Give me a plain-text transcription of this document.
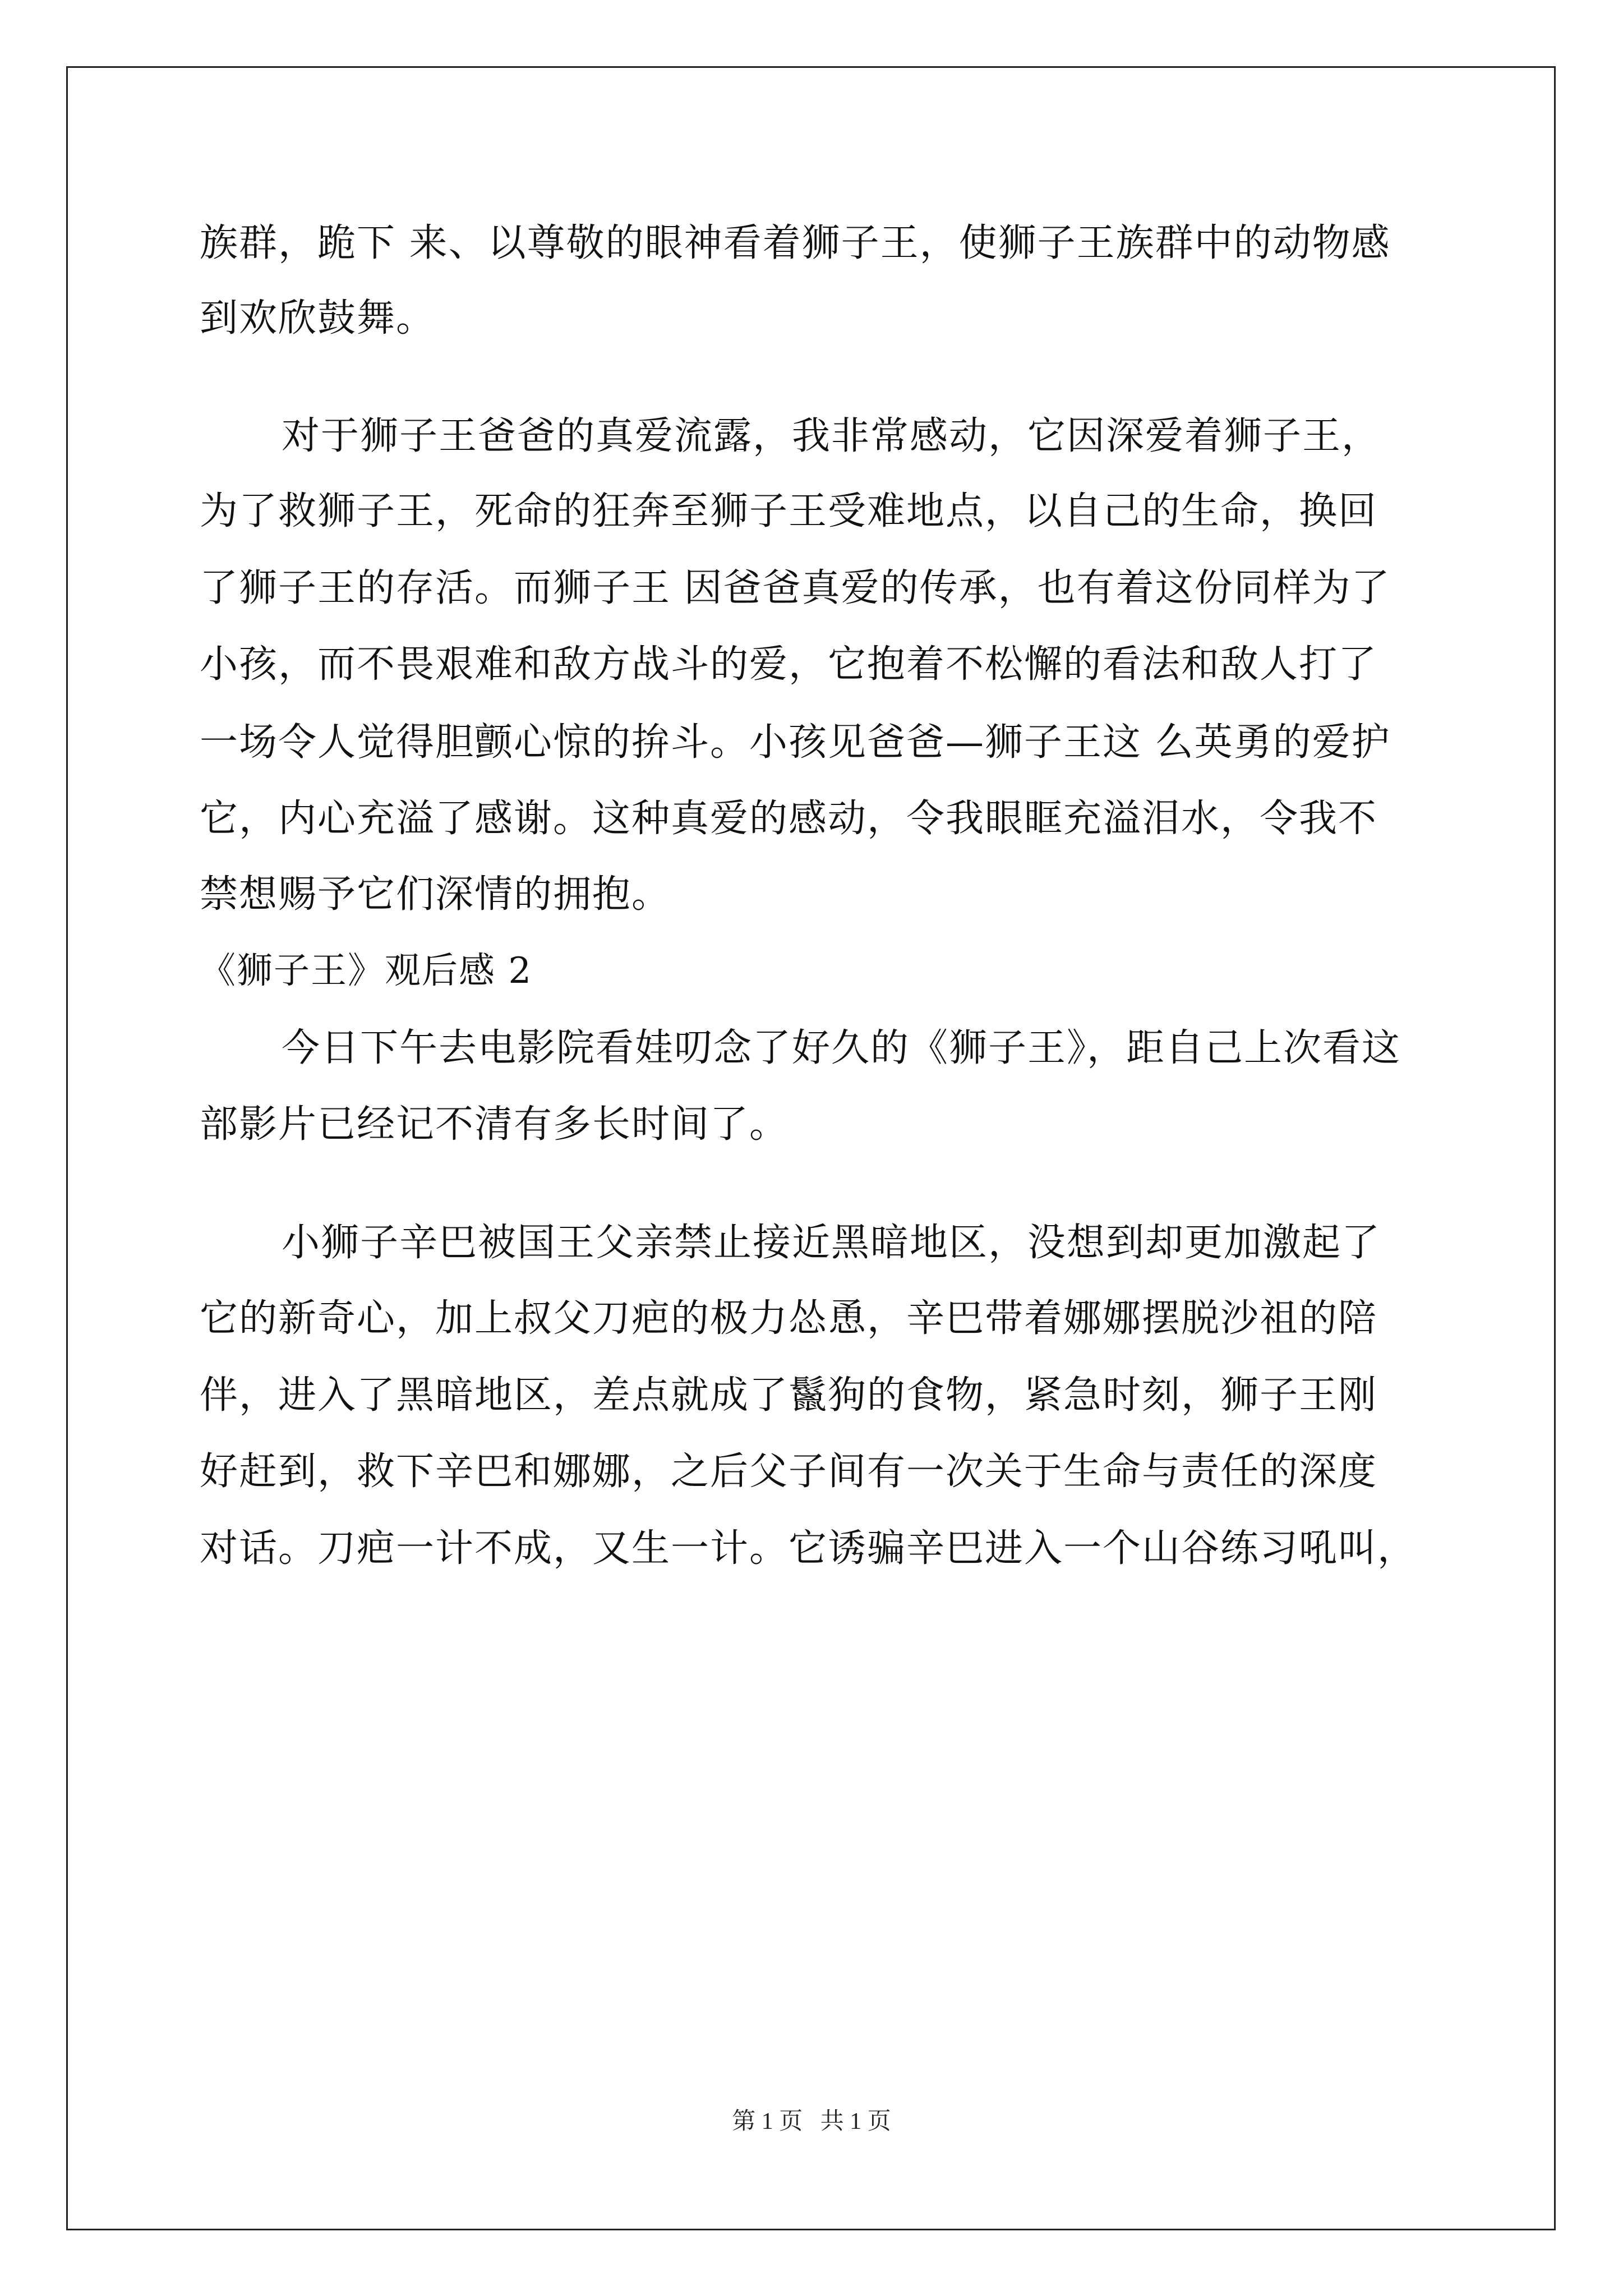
族群，跪下 来、以尊敬的眼神看着狮子王，使狮子王族群中的动物感
到欢欣鼓舞。
对于狮子王爸爸的真爱流露，我非常感动，它因深爱着狮子王，
为了救狮子王，死命的狂奔至狮子王受难地点，以自己的生命，换回
了狮子王的存活。而狮子王 因爸爸真爱的传承，也有着这份同样为了
小孩，而不畏艰难和敌方战斗的爱，它抱着不松懈的看法和敌人打了
一场令人觉得胆颤心惊的拚斗。小孩见爸爸—狮子王这 么英勇的爱护
它，内心充溢了感谢。这种真爱的感动，令我眼眶充溢泪水，令我不
禁想赐予它们深情的拥抱。
《狮子王》观后感 2
今日下午去电影院看娃叨念了好久的《狮子王》，距自己上次看这
部影片已经记不清有多长时间了。
小狮子辛巴被国王父亲禁止接近黑暗地区，没想到却更加激起了
它的新奇心，加上叔父刀疤的极力怂恿，辛巴带着娜娜摆脱沙祖的陪
伴，进入了黑暗地区，差点就成了鬣狗的食物，紧急时刻，狮子王刚
好赶到，救下辛巴和娜娜，之后父子间有一次关于生命与责任的深度
对话。刀疤一计不成，又生一计。它诱骗辛巴进入一个山谷练习吼叫，
第 1 页   共 1 页
